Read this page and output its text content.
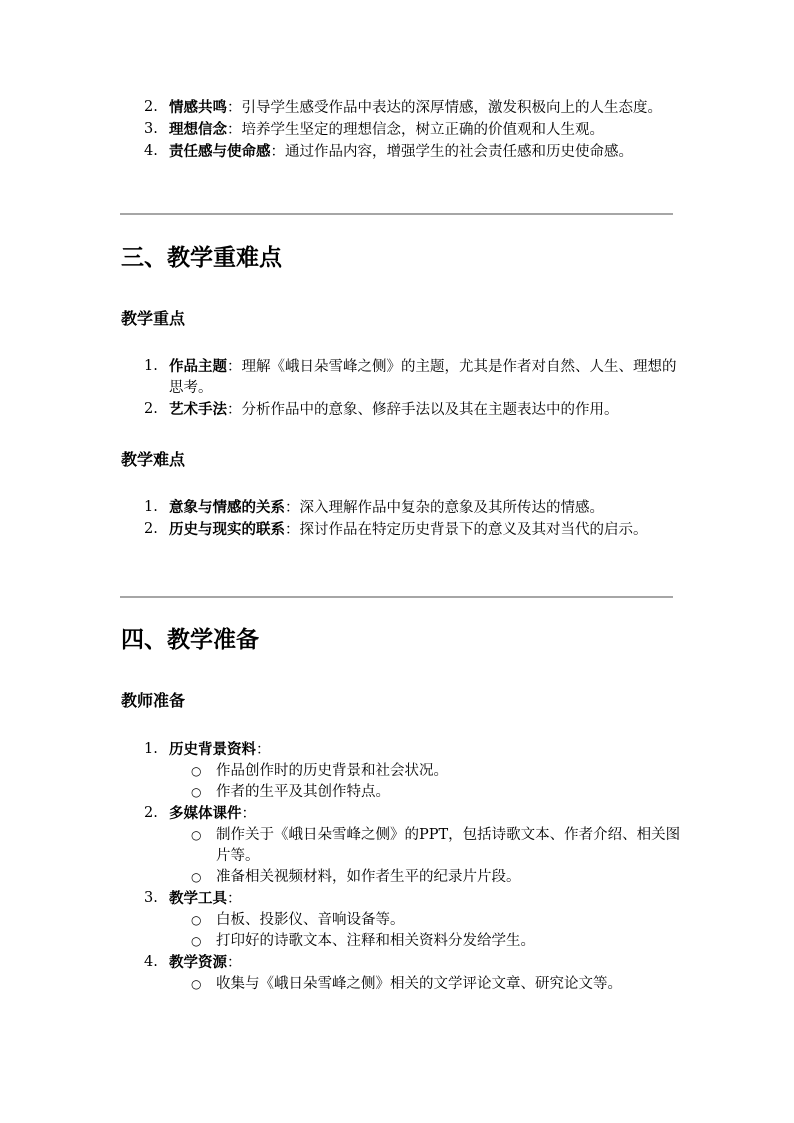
2. 情感共鸣：引导学生感受作品中表达的深厚情感，激发积极向上的人生态度。
3. 理想信念：培养学生坚定的理想信念，树立正确的价值观和人生观。
4. 责任感与使命感：通过作品内容，增强学生的社会责任感和历史使命感。
三、教学重难点
教学重点
1. 作品主题：理解《峨日朵雪峰之侧》的主题，尤其是作者对自然、人生、理想的思考。
2. 艺术手法：分析作品中的意象、修辞手法以及其在主题表达中的作用。
教学难点
1. 意象与情感的关系：深入理解作品中复杂的意象及其所传达的情感。
2. 历史与现实的联系：探讨作品在特定历史背景下的意义及其对当代的启示。
四、教学准备
教师准备
1. 历史背景资料：
○ 作品创作时的历史背景和社会状况。
○ 作者的生平及其创作特点。
2. 多媒体课件：
○ 制作关于《峨日朵雪峰之侧》的PPT，包括诗歌文本、作者介绍、相关图片等。
○ 准备相关视频材料，如作者生平的纪录片片段。
3. 教学工具：
○ 白板、投影仪、音响设备等。
○ 打印好的诗歌文本、注释和相关资料分发给学生。
4. 教学资源：
○ 收集与《峨日朵雪峰之侧》相关的文学评论文章、研究论文等。
